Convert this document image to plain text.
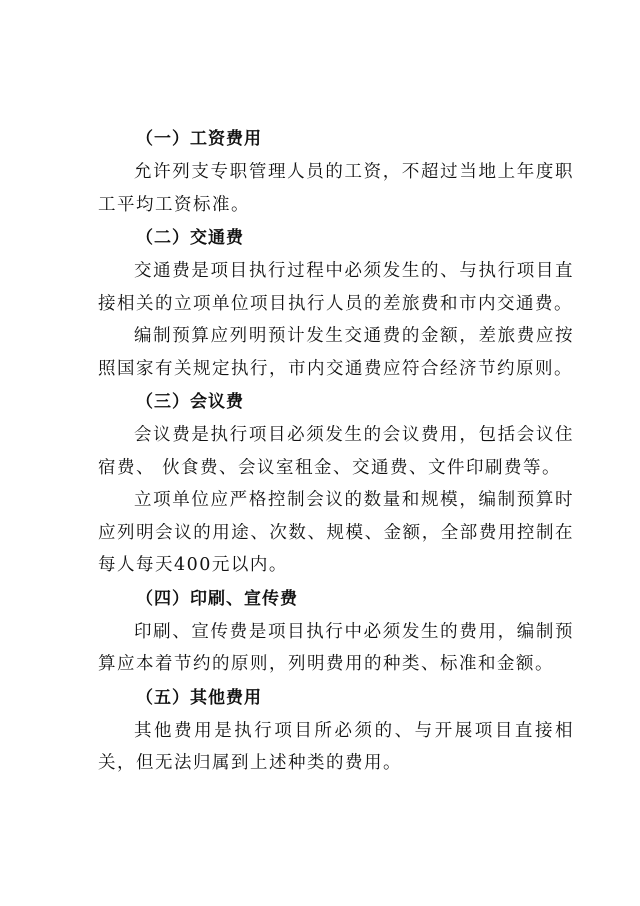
（一）工资费用

允许列支专职管理人员的工资，不超过当地上年度职工平均工资标准。

（二）交通费

交通费是项目执行过程中必须发生的、与执行项目直接相关的立项单位项目执行人员的差旅费和市内交通费。

编制预算应列明预计发生交通费的金额，差旅费应按照国家有关规定执行，市内交通费应符合经济节约原则。

（三）会议费

会议费是执行项目必须发生的会议费用，包括会议住宿费、 伙食费、会议室租金、交通费、文件印刷费等。

立项单位应严格控制会议的数量和规模，编制预算时应列明会议的用途、次数、规模、金额，全部费用控制在每人每天400元以内。

（四）印刷、宣传费

印刷、宣传费是项目执行中必须发生的费用，编制预算应本着节约的原则，列明费用的种类、标准和金额。

（五）其他费用

其他费用是执行项目所必须的、与开展项目直接相关，但无法归属到上述种类的费用。
